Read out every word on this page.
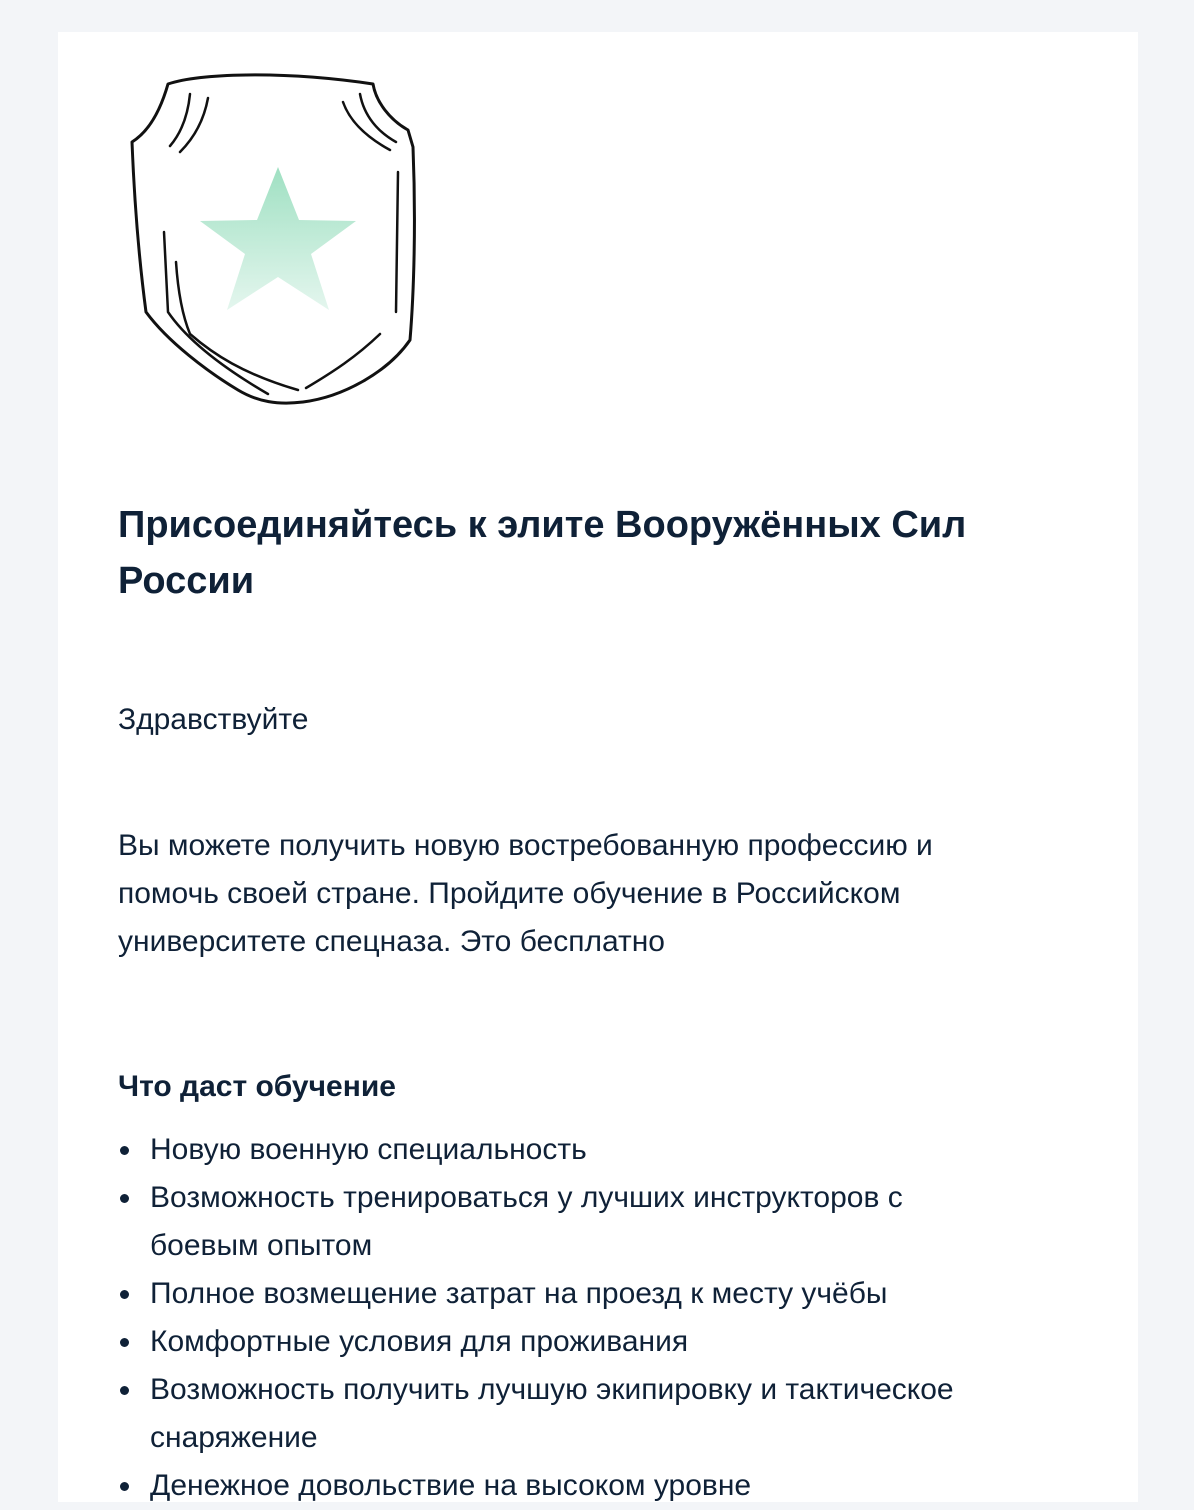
Присоединяйтесь к элите Вооружённых Сил России

Здравствуйте

Вы можете получить новую востребованную профессию и помочь своей стране. Пройдите обучение в Российском университете спецназа. Это бесплатно

Что даст обучение
Новую военную специальность
Возможность тренироваться у лучших инструкторов с боевым опытом
Полное возмещение затрат на проезд к месту учёбы
Комфортные условия для проживания
Возможность получить лучшую экипировку и тактическое снаряжение
Денежное довольствие на высоком уровне
